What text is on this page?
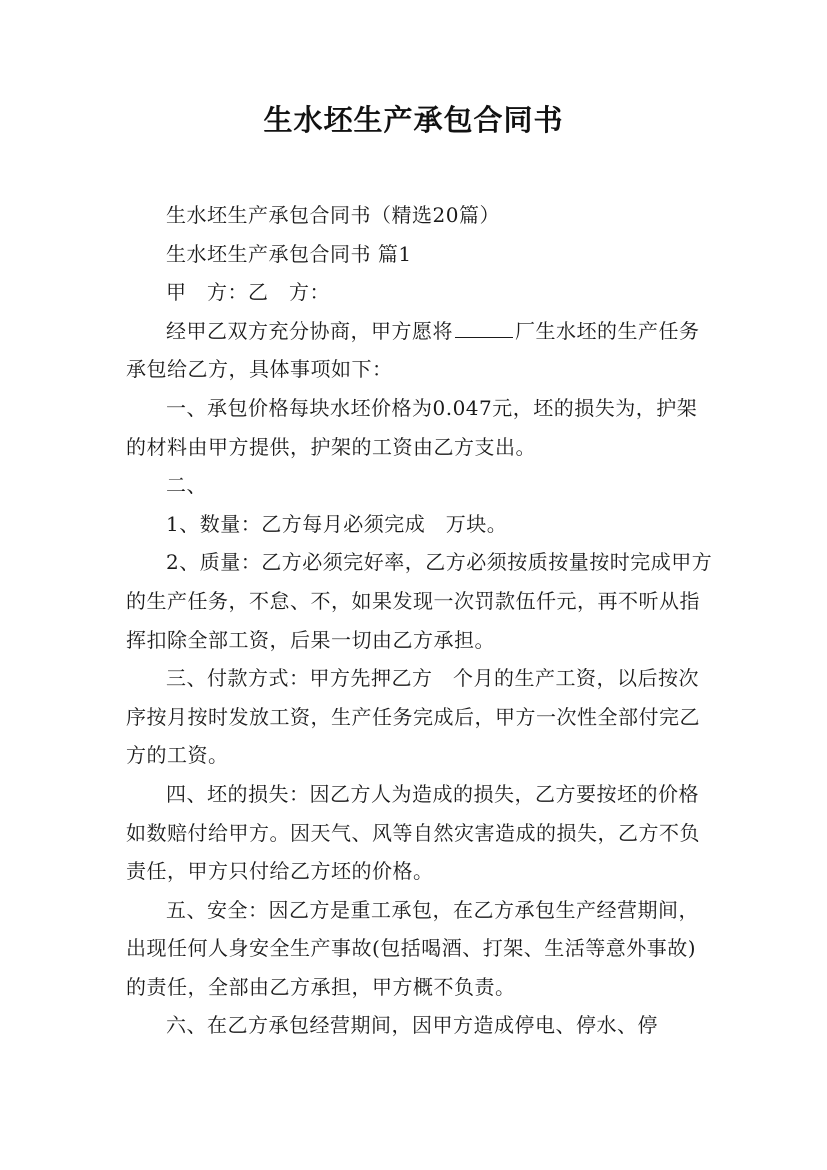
生水坯生产承包合同书

生水坯生产承包合同书（精选20篇）

生水坯生产承包合同书 篇1

甲　方：乙　方：

经甲乙双方充分协商，甲方愿将	厂生水坯的生产任务承包给乙方，具体事项如下：

一、承包价格每块水坯价格为0.047元，坯的损失为，护架的材料由甲方提供，护架的工资由乙方支出。

二、

1、数量：乙方每月必须完成　万块。

2、质量：乙方必须完好率，乙方必须按质按量按时完成甲方的生产任务，不怠、不，如果发现一次罚款伍仟元，再不听从指挥扣除全部工资，后果一切由乙方承担。

三、付款方式：甲方先押乙方　个月的生产工资，以后按次序按月按时发放工资，生产任务完成后，甲方一次性全部付完乙方的工资。

四、坯的损失：因乙方人为造成的损失，乙方要按坯的价格如数赔付给甲方。因天气、风等自然灾害造成的损失，乙方不负责任，甲方只付给乙方坯的价格。

五、安全：因乙方是重工承包，在乙方承包生产经营期间，出现任何人身安全生产事故(包括喝酒、打架、生活等意外事故)的责任，全部由乙方承担，甲方概不负责。

六、在乙方承包经营期间，因甲方造成停电、停水、停
